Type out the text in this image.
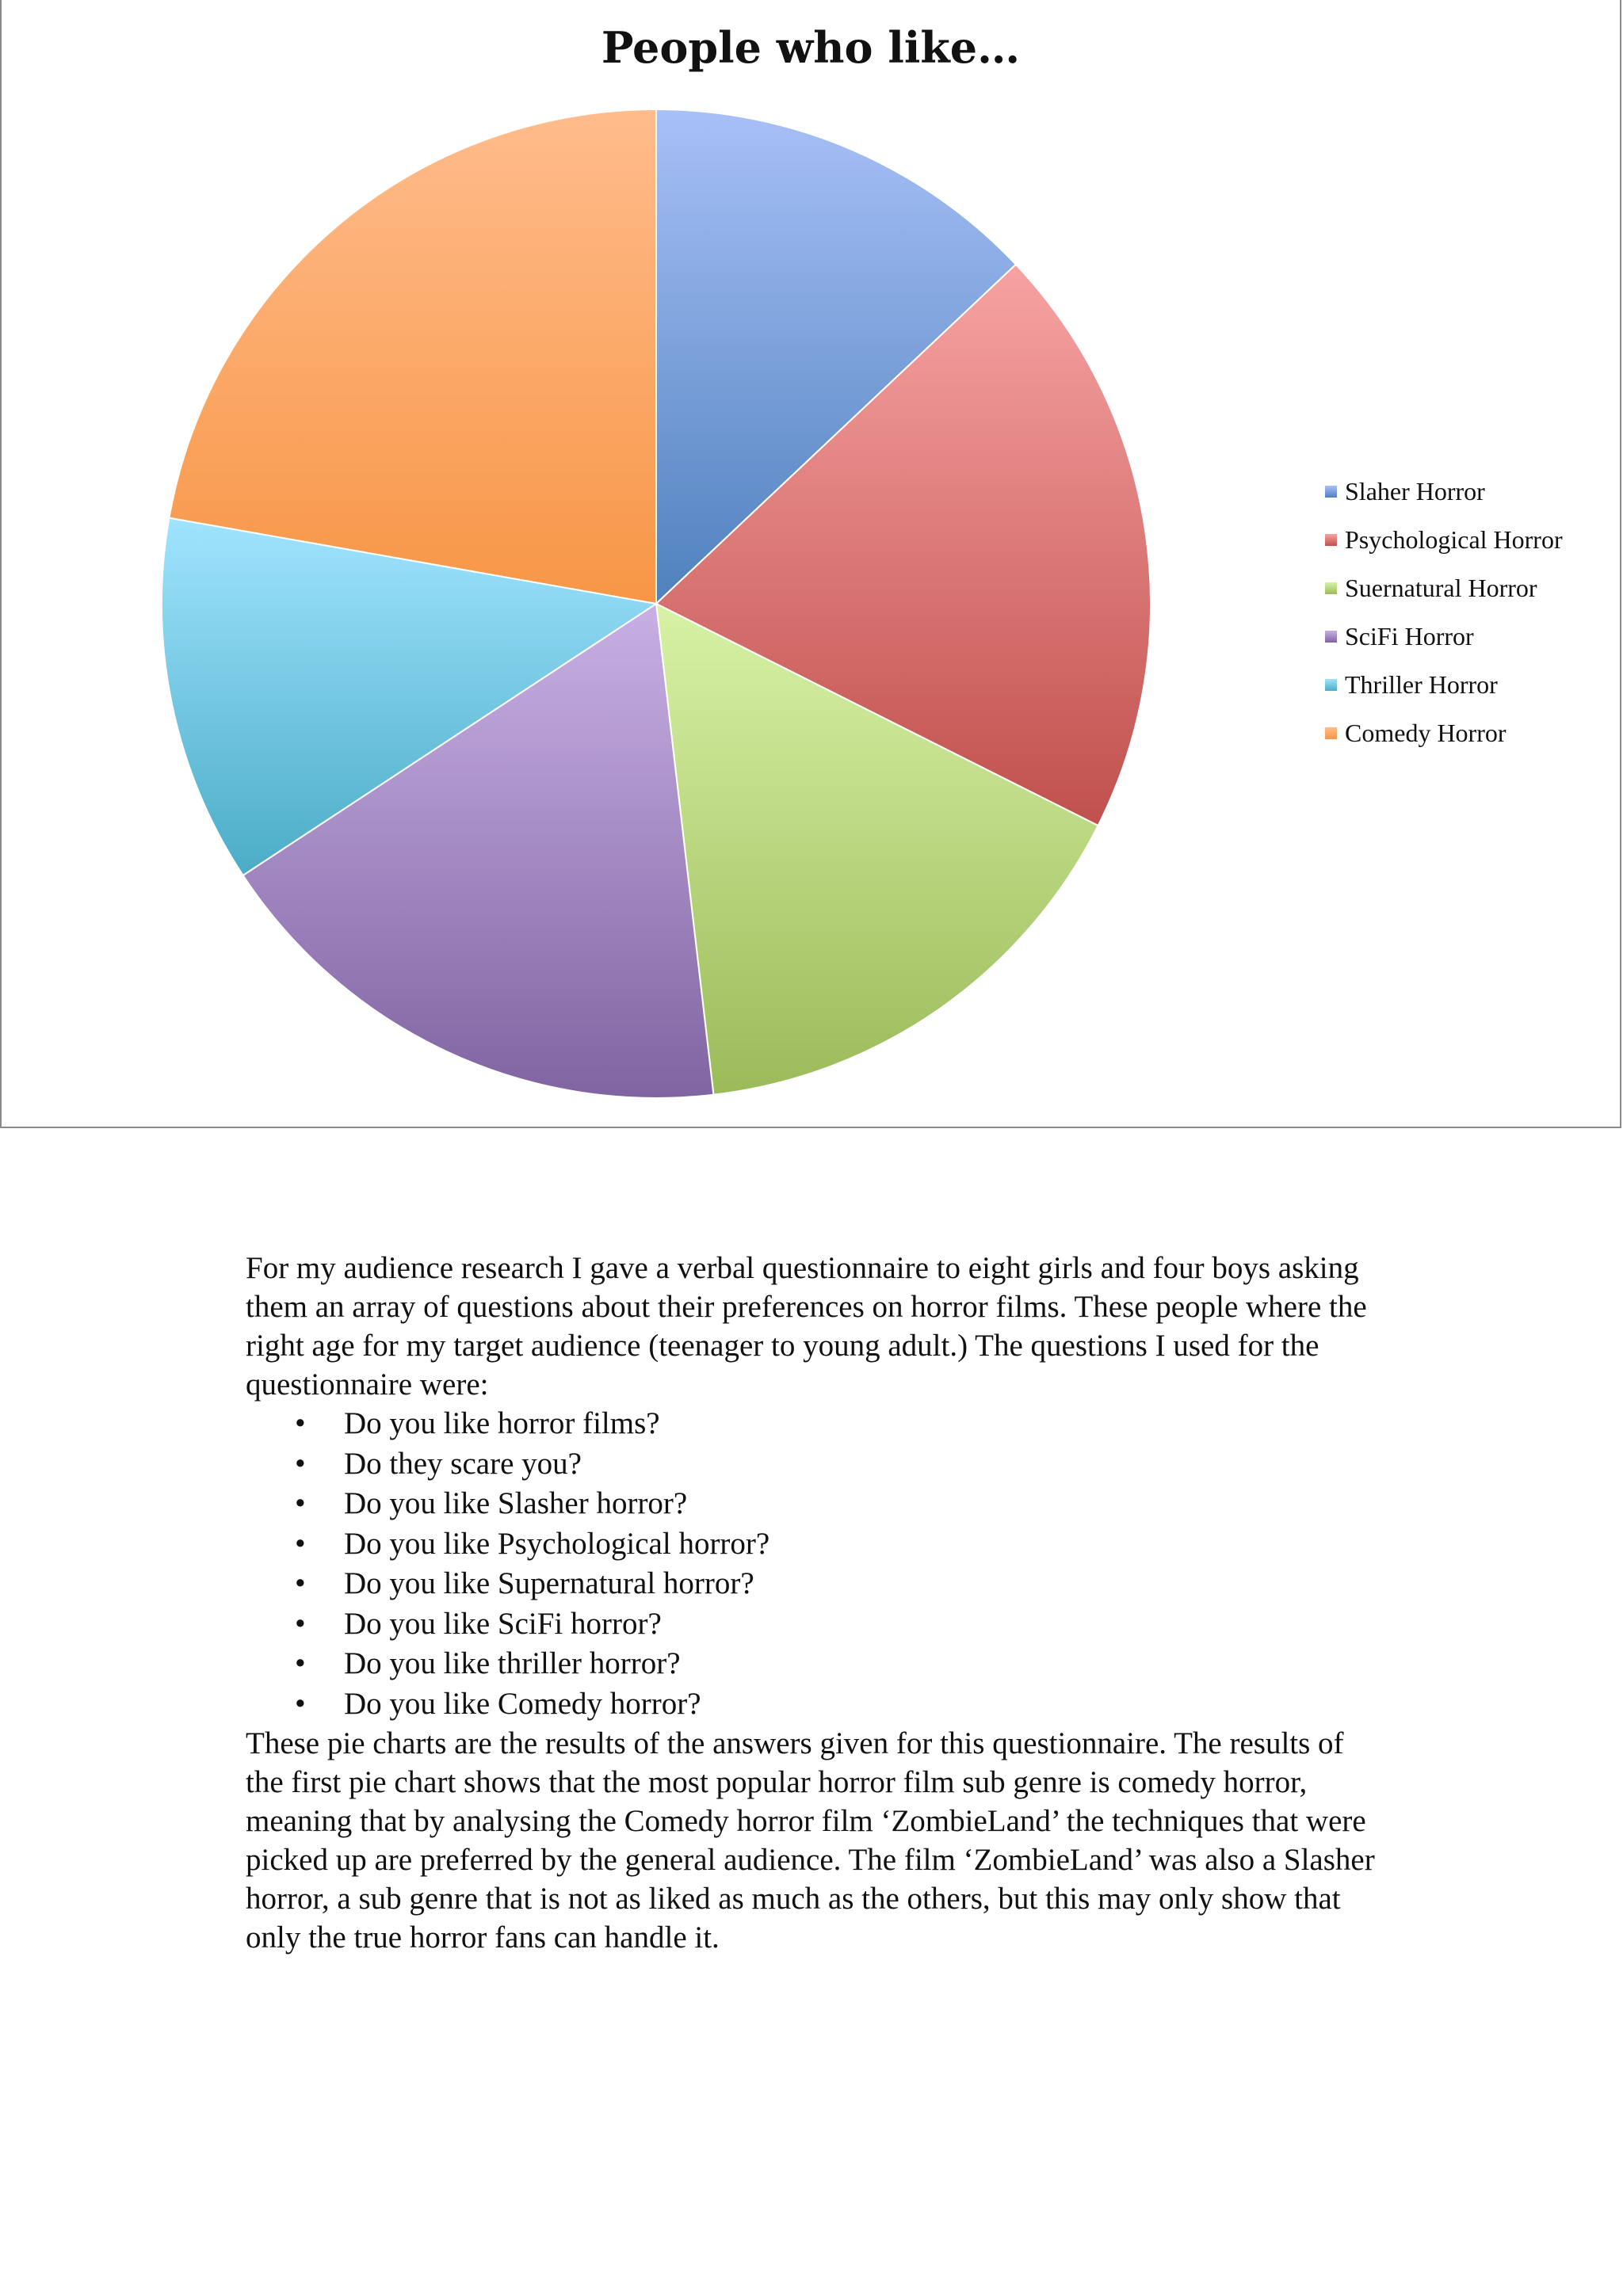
People who like…
Slaher Horror
Psychological Horror
Suernatural Horror
SciFi Horror
Thriller Horror
Comedy Horror

For my audience research I gave a verbal questionnaire to eight girls and four boys asking them an array of questions about their preferences on horror films. These people where the right age for my target audience (teenager to young adult.) The questions I used for the questionnaire were:

• Do you like horror films?
• Do they scare you?
• Do you like Slasher horror?
• Do you like Psychological horror?
• Do you like Supernatural horror?
• Do you like SciFi horror?
• Do you like thriller horror?
• Do you like Comedy horror?

These pie charts are the results of the answers given for this questionnaire. The results of the first pie chart shows that the most popular horror film sub genre is comedy horror, meaning that by analysing the Comedy horror film ‘ZombieLand’ the techniques that were picked up are preferred by the general audience. The film ‘ZombieLand’ was also a Slasher horror, a sub genre that is not as liked as much as the others, but this may only show that only the true horror fans can handle it.
